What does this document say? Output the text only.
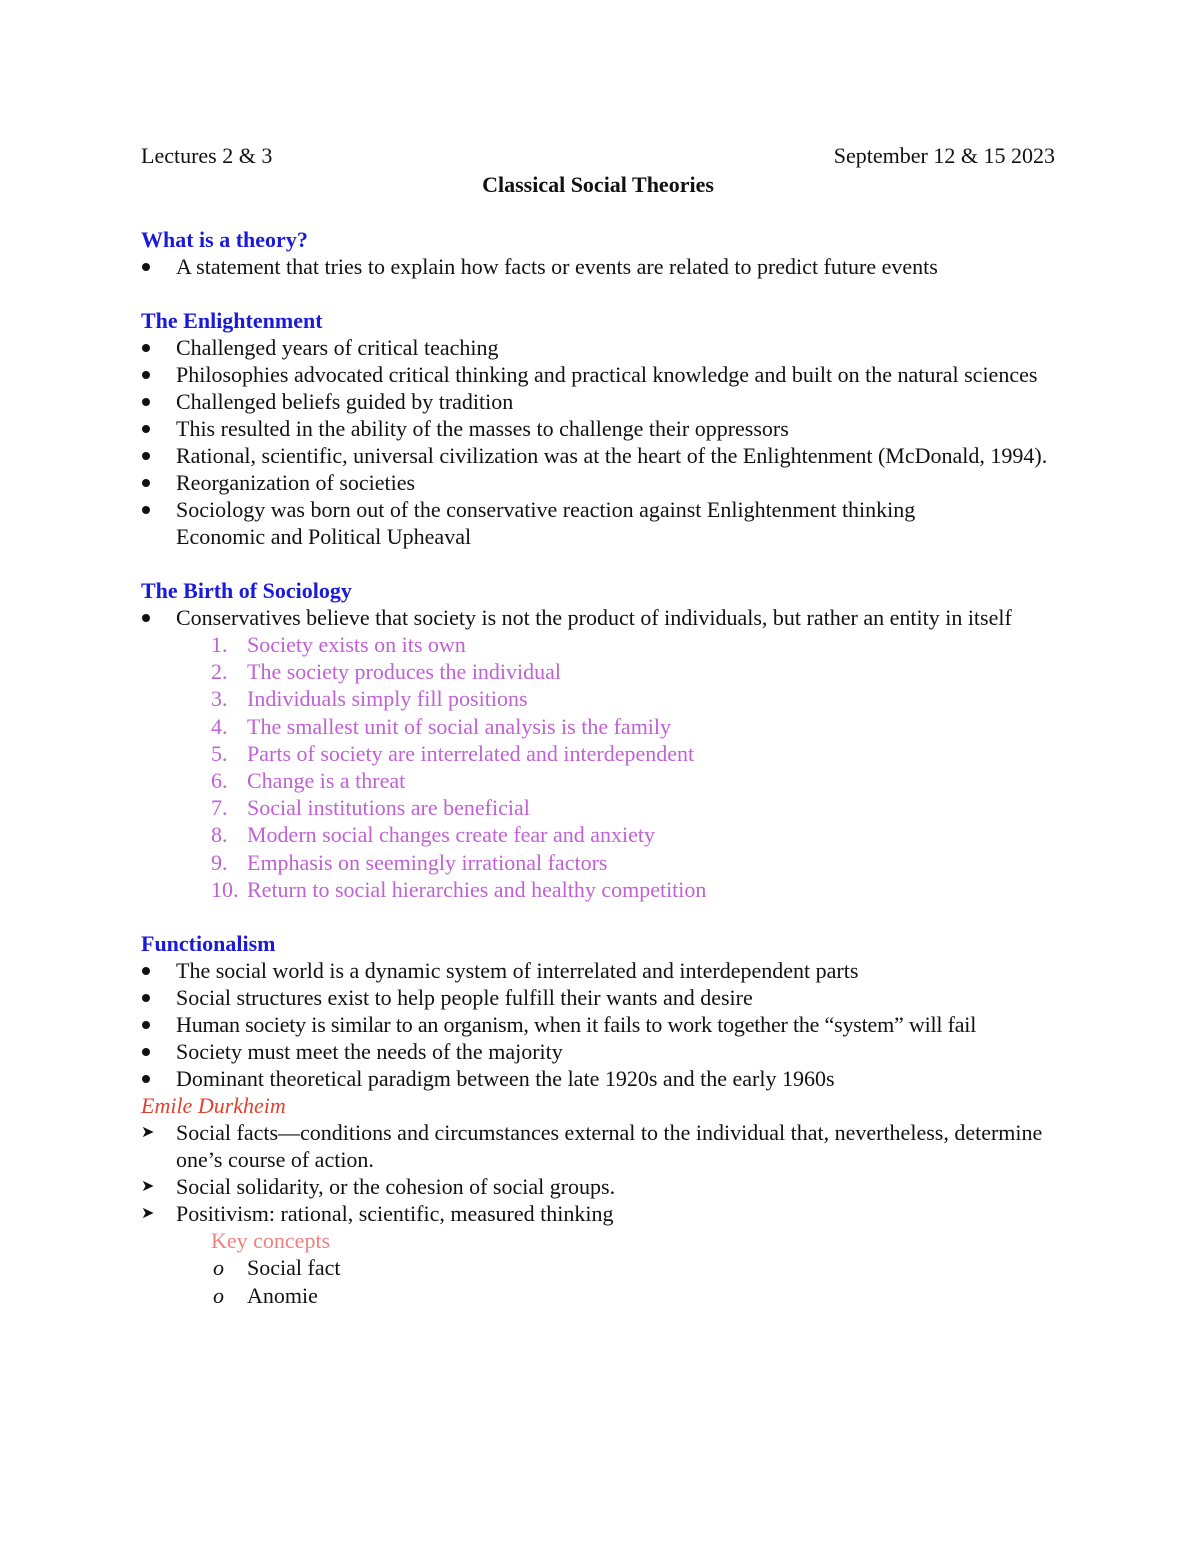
Lectures 2 & 3	September 12 & 15 2023
Classical Social Theories
What is a theory?
A statement that tries to explain how facts or events are related to predict future events
The Enlightenment
Challenged years of critical teaching
Philosophies advocated critical thinking and practical knowledge and built on the natural sciences
Challenged beliefs guided by tradition
This resulted in the ability of the masses to challenge their oppressors
Rational, scientific, universal civilization was at the heart of the Enlightenment (McDonald, 1994).
Reorganization of societies
Sociology was born out of the conservative reaction against Enlightenment thinking Economic and Political Upheaval
The Birth of Sociology
Conservatives believe that society is not the product of individuals, but rather an entity in itself
1. Society exists on its own
2. The society produces the individual
3. Individuals simply fill positions
4. The smallest unit of social analysis is the family
5. Parts of society are interrelated and interdependent
6. Change is a threat
7. Social institutions are beneficial
8. Modern social changes create fear and anxiety
9. Emphasis on seemingly irrational factors
10. Return to social hierarchies and healthy competition
Functionalism
The social world is a dynamic system of interrelated and interdependent parts
Social structures exist to help people fulfill their wants and desire
Human society is similar to an organism, when it fails to work together the “system” will fail
Society must meet the needs of the majority
Dominant theoretical paradigm between the late 1920s and the early 1960s
Emile Durkheim
➤ Social facts—conditions and circumstances external to the individual that, nevertheless, determine one’s course of action.
➤ Social solidarity, or the cohesion of social groups.
➤ Positivism: rational, scientific, measured thinking
Key concepts
o Social fact
o Anomie
